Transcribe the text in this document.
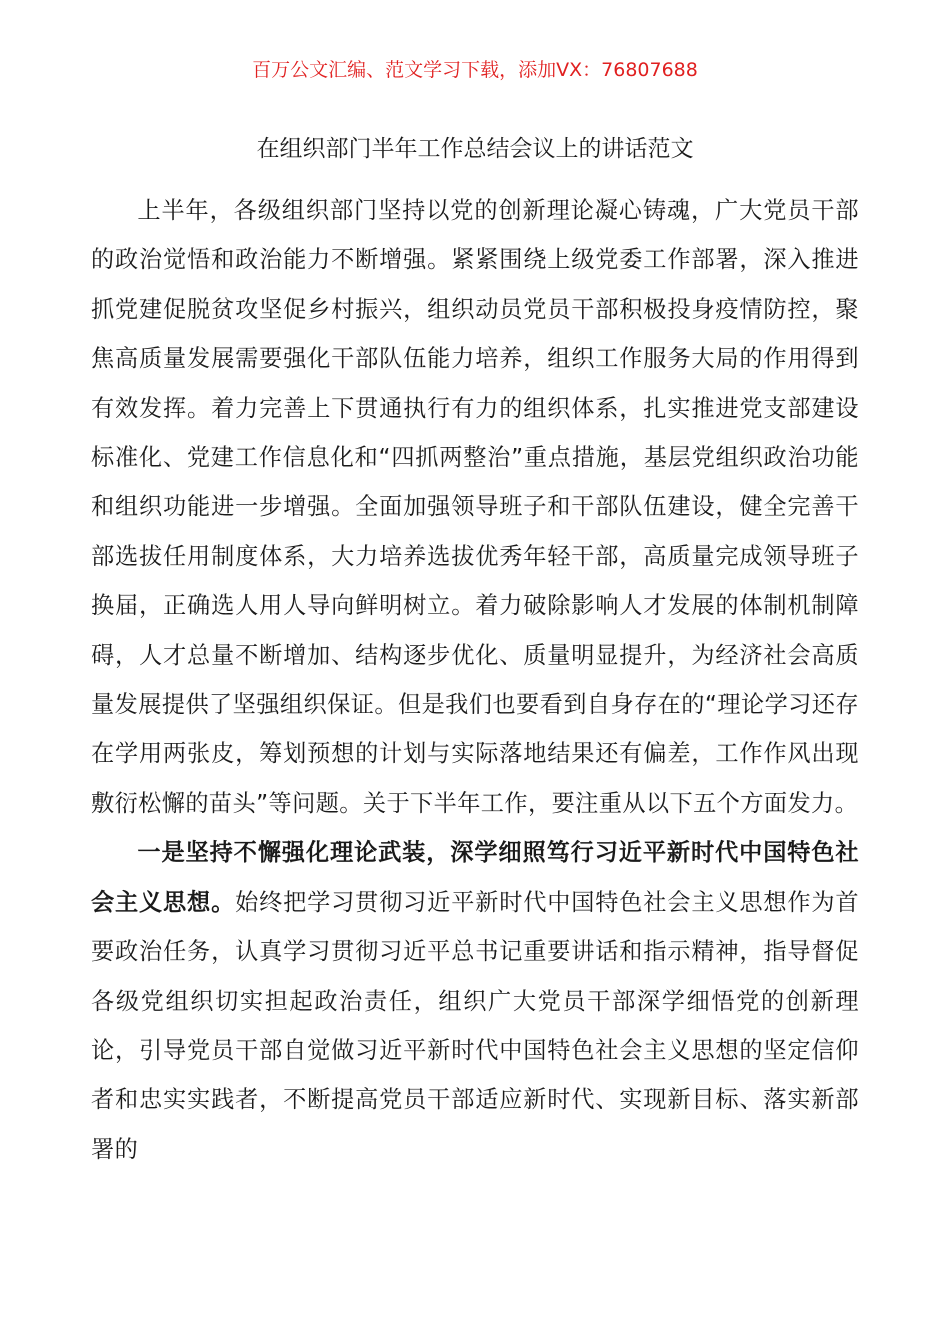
百万公文汇编、范文学习下载，添加VX：76807688
在组织部门半年工作总结会议上的讲话范文

上半年，各级组织部门坚持以党的创新理论凝心铸魂，广大党员干部的政治觉悟和政治能力不断增强。紧紧围绕上级党委工作部署，深入推进抓党建促脱贫攻坚促乡村振兴，组织动员党员干部积极投身疫情防控，聚焦高质量发展需要强化干部队伍能力培养，组织工作服务大局的作用得到有效发挥。着力完善上下贯通执行有力的组织体系，扎实推进党支部建设标准化、党建工作信息化和“四抓两整治”重点措施，基层党组织政治功能和组织功能进一步增强。全面加强领导班子和干部队伍建设，健全完善干部选拔任用制度体系，大力培养选拔优秀年轻干部，高质量完成领导班子换届，正确选人用人导向鲜明树立。着力破除影响人才发展的体制机制障碍，人才总量不断增加、结构逐步优化、质量明显提升，为经济社会高质量发展提供了坚强组织保证。但是我们也要看到自身存在的“理论学习还存在学用两张皮，筹划预想的计划与实际落地结果还有偏差，工作作风出现敷衍松懈的苗头”等问题。关于下半年工作，要注重从以下五个方面发力。

一是坚持不懈强化理论武装，深学细照笃行习近平新时代中国特色社会主义思想。始终把学习贯彻习近平新时代中国特色社会主义思想作为首要政治任务，认真学习贯彻习近平总书记重要讲话和指示精神，指导督促各级党组织切实担起政治责任，组织广大党员干部深学细悟党的创新理论，引导党员干部自觉做习近平新时代中国特色社会主义思想的坚定信仰者和忠实实践者，不断提高党员干部适应新时代、实现新目标、落实新部署的
